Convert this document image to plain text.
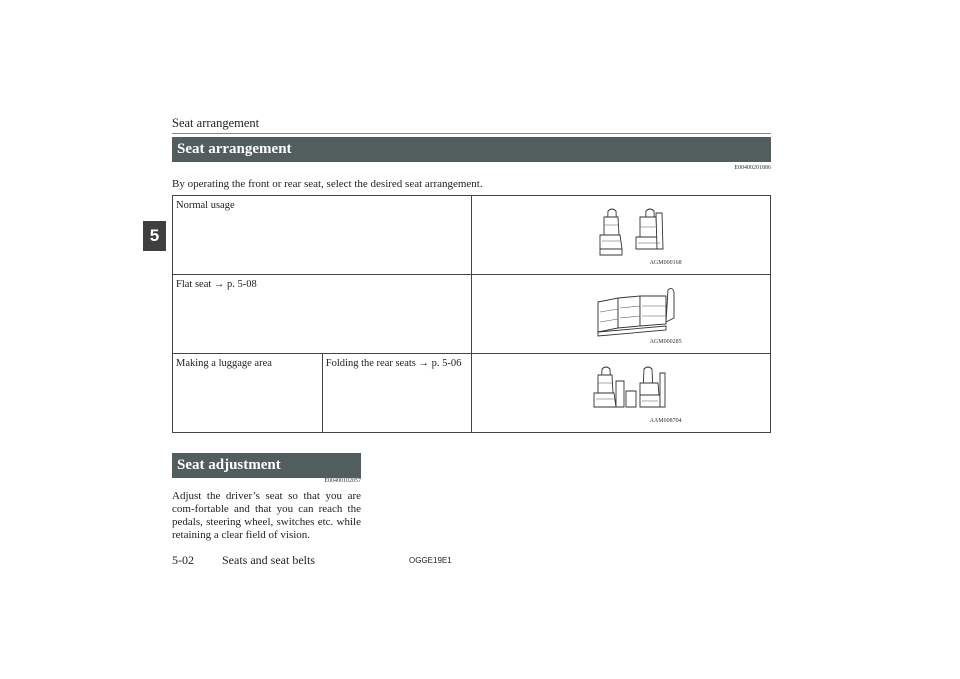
Seat arrangement
5
Seat arrangement
E00400201886
By operating the front or rear seat, select the desired seat arrangement.
Normal usage		AGM000168

Flat seat → p. 5-08		AGM000285

Making a luggage area	Folding the rear seats → p. 5-06	AAM008704
Seat adjustment
E00400102057
Adjust the driver’s seat so that you are com-fortable and that you can reach the pedals, steering wheel, switches etc. while retaining a clear field of vision.
5-02 Seats and seat belts	OGGE19E1
